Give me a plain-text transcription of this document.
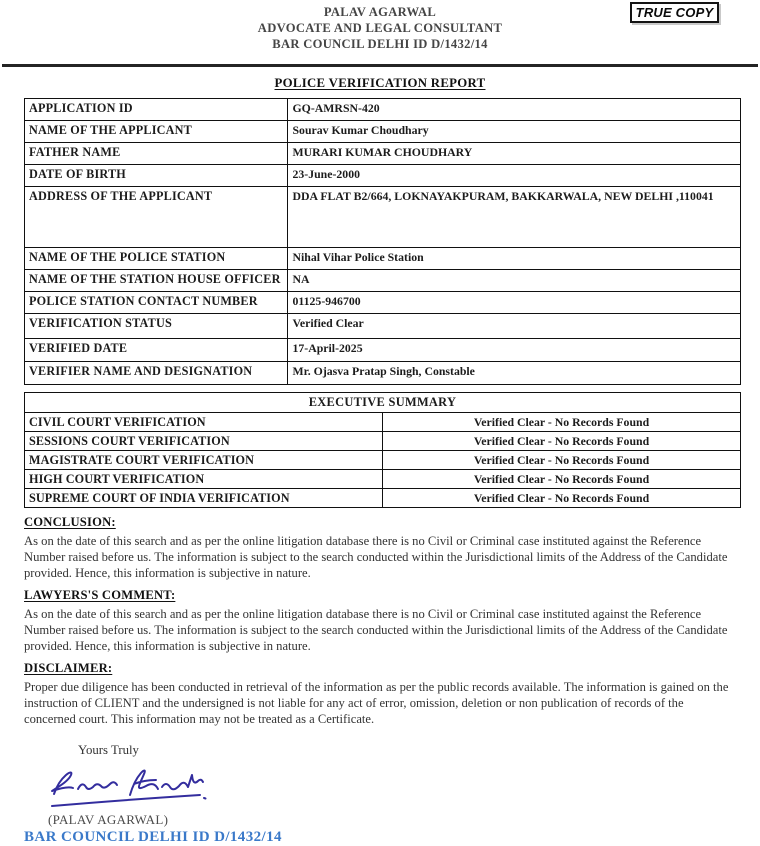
PALAV AGARWAL
ADVOCATE AND LEGAL CONSULTANT
BAR COUNCIL DELHI ID D/1432/14
TRUE COPY
POLICE VERIFICATION REPORT
APPLICATION ID	GQ-AMRSN-420
NAME OF THE APPLICANT	Sourav Kumar Choudhary
FATHER NAME	MURARI KUMAR CHOUDHARY
DATE OF BIRTH	23-June-2000
ADDRESS OF THE APPLICANT	DDA FLAT B2/664, LOKNAYAKPURAM, BAKKARWALA, NEW DELHI ,110041
NAME OF THE POLICE STATION	Nihal Vihar Police Station
NAME OF THE STATION HOUSE OFFICER	NA
POLICE STATION CONTACT NUMBER	01125-946700
VERIFICATION STATUS	Verified Clear
VERIFIED DATE	17-April-2025
VERIFIER NAME AND DESIGNATION	Mr. Ojasva Pratap Singh, Constable
EXECUTIVE SUMMARY	
CIVIL COURT VERIFICATION	Verified Clear - No Records Found
SESSIONS COURT VERIFICATION	Verified Clear - No Records Found
MAGISTRATE COURT VERIFICATION	Verified Clear - No Records Found
HIGH COURT VERIFICATION	Verified Clear - No Records Found
SUPREME COURT OF INDIA VERIFICATION	Verified Clear - No Records Found
CONCLUSION:
As on the date of this search and as per the online litigation database there is no Civil or Criminal case instituted against the Reference Number raised before us. The information is subject to the search conducted within the Jurisdictional limits of the Address of the Candidate provided. Hence, this information is subjective in nature.
LAWYERS'S COMMENT:
As on the date of this search and as per the online litigation database there is no Civil or Criminal case instituted against the Reference Number raised before us. The information is subject to the search conducted within the Jurisdictional limits of the Address of the Candidate provided. Hence, this information is subjective in nature.
DISCLAIMER:
Proper due diligence has been conducted in retrieval of the information as per the public records available. The information is gained on the instruction of CLIENT and the undersigned is not liable for any act of error, omission, deletion or non publication of records of the concerned court. This information may not be treated as a Certificate.
Yours Truly
(PALAV AGARWAL)
BAR COUNCIL DELHI ID D/1432/14
